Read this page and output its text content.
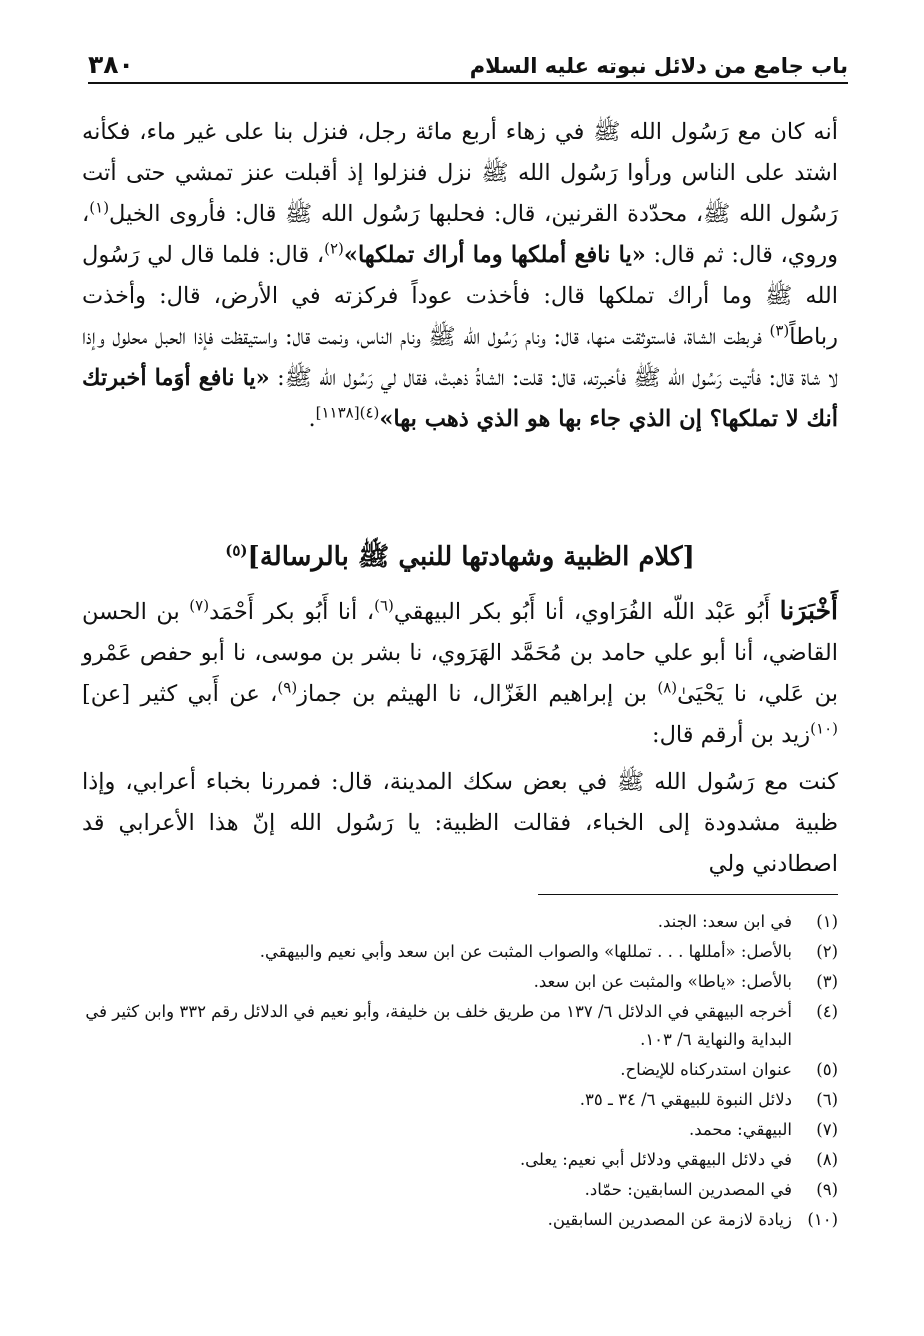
باب جامع من دلائل نبوته عليه السلام
٣٨٠

أنه كان مع رَسُول الله ﷺ في زهاء أربع مائة رجل، فنزل بنا على غير ماء، فكأنه اشتد على الناس ورأوا رَسُول الله ﷺ نزل فنزلوا إذ أقبلت عنز تمشي حتى أتت رَسُول الله ﷺ، محدّدة القرنين، قال: فحلبها رَسُول الله ﷺ قال: فأروى الخيل$^{(١)}$، وروي، قال: ثم قال: «يا نافع أملكها وما أراك تملكها»$^{(٢)}$، قال: فلما قال لي رَسُول الله ﷺ وما أراك تملكها قال: فأخذت عوداً فركزته في الأرض، قال: وأخذت رباطاً$^{(٣)}$ فربطت الشاة، فاستوثقت منها، قال: ونام رَسُول الله ﷺ ونام الناس، ونمت قال: واستيقظت فإذا الحبل محلول وإذا لا شاة قال: فأتيت رَسُول الله ﷺ فأخبرته، قال: قلت: الشاةُ ذهبتْ، فقال لي رَسُول الله ﷺ: «يا نافع أوَما أخبرتك أنك لا تملكها؟ إن الذي جاء بها هو الذي ذهب بها»$^{(٤)[١١٣٨]}$.

[كلام الظبية وشهادتها للنبي ﷺ بالرسالة]$^{(٥)}$

أَخْبَرَنا أَبُو عَبْد اللّه الفُرَاوي، أنا أَبُو بكر البيهقي$^{(٦)}$، أنا أَبُو بكر أَحْمَد$^{(٧)}$ بن الحسن القاضي، أنا أبو علي حامد بن مُحَمَّد الهَرَوي، نا بشر بن موسى، نا أبو حفص عَمْرو بن عَلي، نا يَحْيَىٰ$^{(٨)}$ بن إبراهيم الغَزّال، نا الهيثم بن جماز$^{(٩)}$، عن أَبي كثير [عن]$^{(١٠)}$زيد بن أرقم قال:

كنت مع رَسُول الله ﷺ في بعض سكك المدينة، قال: فمررنا بخباء أعرابي، وإذا ظبية مشدودة إلى الخباء، فقالت الظبية: يا رَسُول الله إنّ هذا الأعرابي قد اصطادني ولي

(١)
في ابن سعد: الجند.
(٢)
بالأصل: «أمللها . . . تمللها» والصواب المثبت عن ابن سعد وأبي نعيم والبيهقي.
(٣)
بالأصل: «ياطا» والمثبت عن ابن سعد.
(٤)
أخرجه البيهقي في الدلائل ٦/ ١٣٧ من طريق خلف بن خليفة، وأبو نعيم في الدلائل رقم ٣٣٢ وابن كثير في البداية والنهاية ٦/ ١٠٣.
(٥)
عنوان استدركناه للإيضاح.
(٦)
دلائل النبوة للبيهقي ٦/ ٣٤ ـ ٣٥.
(٧)
البيهقي: محمد.
(٨)
في دلائل البيهقي ودلائل أبي نعيم: يعلى.
(٩)
في المصدرين السابقين: حمّاد.
(١٠)
زيادة لازمة عن المصدرين السابقين.
